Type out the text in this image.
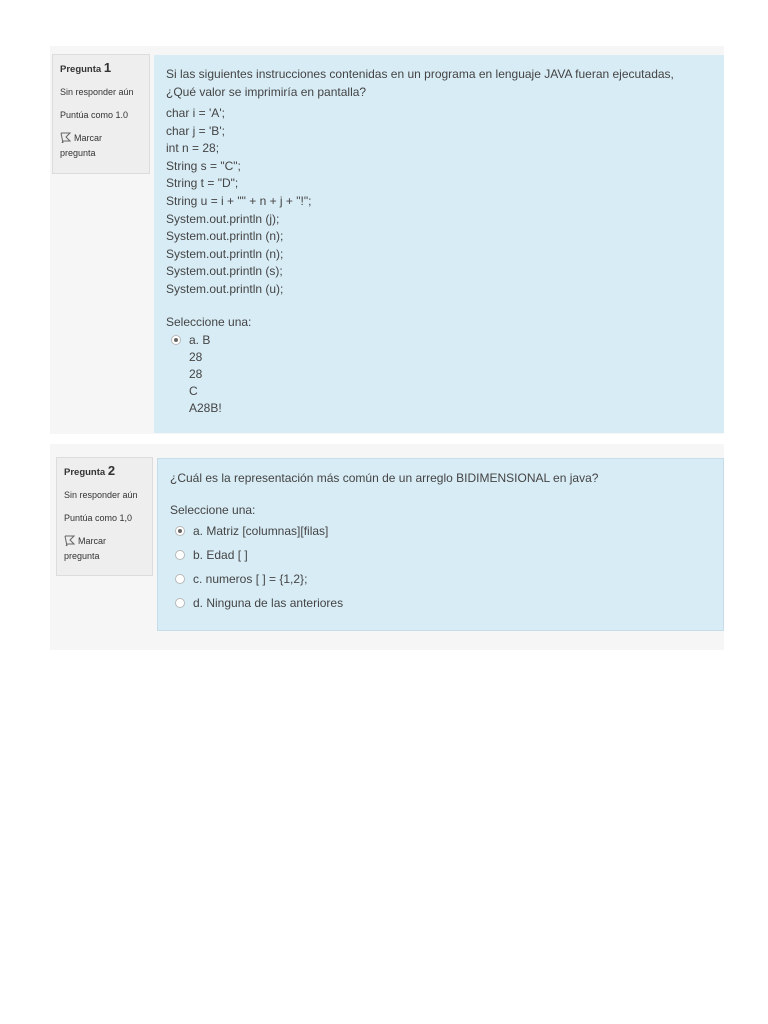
Pregunta 1
Sin responder aún
Puntúa como 1.0
Marcar
pregunta
Si las siguientes instrucciones contenidas en un programa en lenguaje JAVA fueran ejecutadas,
¿Qué valor se imprimiría en pantalla?
char i = 'A';
char j = 'B';
int n = 28;
String s = "C";
String t = "D";
String u = i + "" + n + j + "!";
System.out.println (j);
System.out.println (n);
System.out.println (n);
System.out.println (s);
System.out.println (u);
Seleccione una:
a. B
28
28
C
A28B!
Pregunta 2
Sin responder aún
Puntúa como 1,0
Marcar
pregunta
¿Cuál es la representación más común de un arreglo BIDIMENSIONAL en java?
Seleccione una:
a. Matriz [columnas][filas]
b. Edad [ ]
c. numeros [ ] = {1,2};
d. Ninguna de las anteriores
